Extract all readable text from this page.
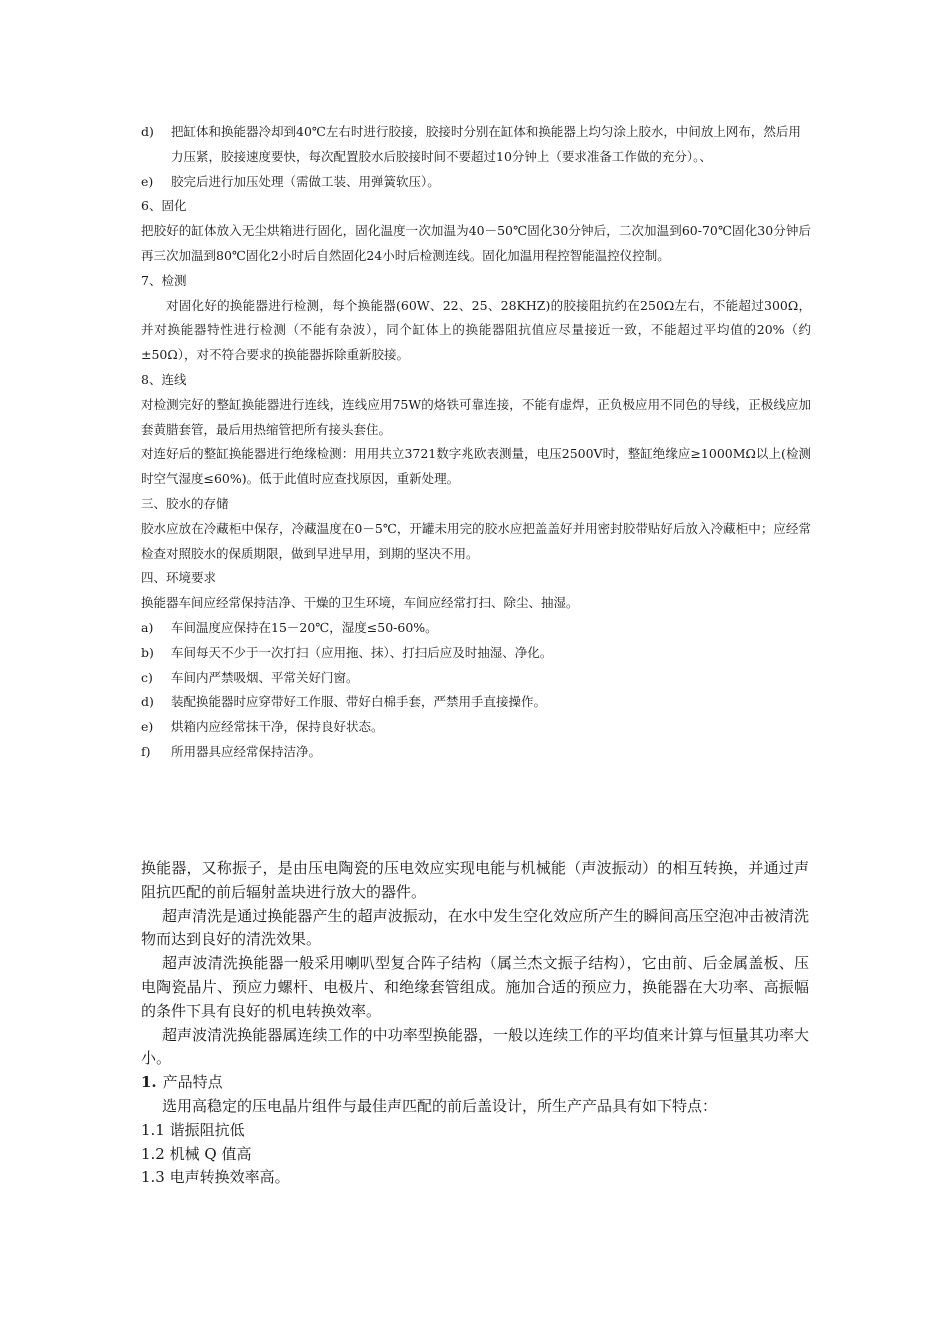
d)	把缸体和换能器冷却到40℃左右时进行胶接，胶接时分别在缸体和换能器上均匀涂上胶水，中间放上网布，然后用力压紧，胶接速度要快，每次配置胶水后胶接时间不要超过10分钟上（要求准备工作做的充分）。、
e)	胶完后进行加压处理（需做工装、用弹簧软压）。

6、固化

把胶好的缸体放入无尘烘箱进行固化，固化温度一次加温为40－50℃固化30分钟后，二次加温到60-70℃固化30分钟后再三次加温到80℃固化2小时后自然固化24小时后检测连线。固化加温用程控智能温控仪控制。

7、检测

对固化好的换能器进行检测，每个换能器(60W、22、25、28KHZ)的胶接阻抗约在250Ω左右，不能超过300Ω，并对换能器特性进行检测（不能有杂波），同个缸体上的换能器阻抗值应尽量接近一致，不能超过平均值的20%（约±50Ω），对不符合要求的换能器拆除重新胶接。

8、连线

对检测完好的整缸换能器进行连线，连线应用75W的烙铁可靠连接，不能有虚焊，正负极应用不同色的导线，正极线应加套黄腊套管，最后用热缩管把所有接头套住。

对连好后的整缸换能器进行绝缘检测：用用共立3721数字兆欧表测量，电压2500V时，整缸绝缘应≥1000MΩ以上(检测时空气湿度≤60%)。低于此值时应查找原因，重新处理。

三、胶水的存储

胶水应放在冷藏柜中保存，冷藏温度在0－5℃，开罐未用完的胶水应把盖盖好并用密封胶带贴好后放入冷藏柜中；应经常检查对照胶水的保质期限，做到早进早用，到期的坚决不用。

四、环境要求

换能器车间应经常保持洁净、干燥的卫生环境，车间应经常打扫、除尘、抽湿。

a)	车间温度应保持在15－20℃，湿度≤50-60%。
b)	车间每天不少于一次打扫（应用拖、抹）、打扫后应及时抽湿、净化。
c)	车间内严禁吸烟、平常关好门窗。
d)	装配换能器时应穿带好工作服、带好白棉手套，严禁用手直接操作。
e)	烘箱内应经常抹干净，保持良好状态。
f)	所用器具应经常保持洁净。

换能器，又称振子，是由压电陶瓷的压电效应实现电能与机械能（声波振动）的相互转换，并通过声阻抗匹配的前后辐射盖块进行放大的器件。

超声清洗是通过换能器产生的超声波振动，在水中发生空化效应所产生的瞬间高压空泡冲击被清洗物而达到良好的清洗效果。

超声波清洗换能器一般采用喇叭型复合阵子结构（属兰杰文振子结构），它由前、后金属盖板、压电陶瓷晶片、预应力螺杆、电极片、和绝缘套管组成。施加合适的预应力，换能器在大功率、高振幅的条件下具有良好的机电转换效率。

超声波清洗换能器属连续工作的中功率型换能器，一般以连续工作的平均值来计算与恒量其功率大小。

1. 产品特点

选用高稳定的压电晶片组件与最佳声匹配的前后盖设计，所生产产品具有如下特点：

1.1 谐振阻抗低

1.2 机械 Q 值高

1.3 电声转换效率高。
